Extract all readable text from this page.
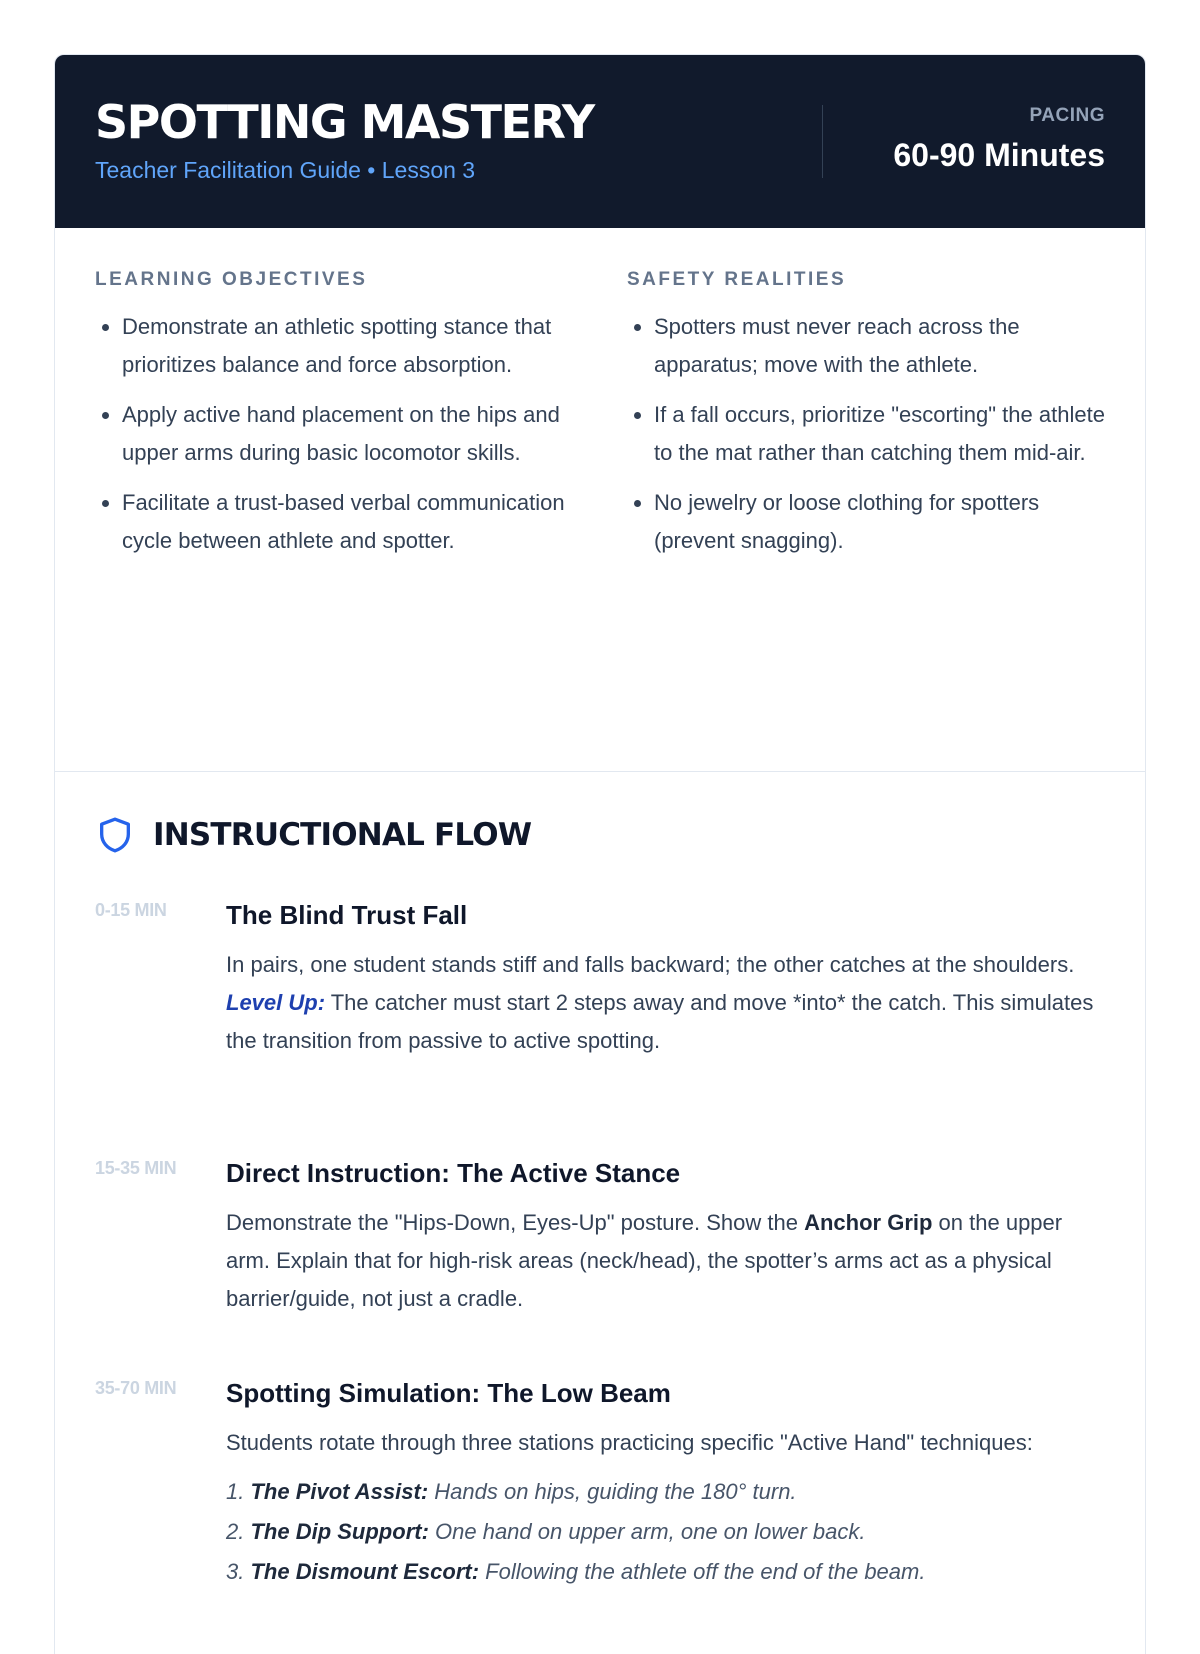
SPOTTING MASTERY
Teacher Facilitation Guide • Lesson 3
PACING
60-90 Minutes
LEARNING OBJECTIVES
• Demonstrate an athletic spotting stance that prioritizes balance and force absorption.
• Apply active hand placement on the hips and upper arms during basic locomotor skills.
• Facilitate a trust-based verbal communication cycle between athlete and spotter.
SAFETY REALITIES
• Spotters must never reach across the apparatus; move with the athlete.
• If a fall occurs, prioritize "escorting" the athlete to the mat rather than catching them mid-air.
• No jewelry or loose clothing for spotters (prevent snagging).
INSTRUCTIONAL FLOW
0-15 MIN	The Blind Trust Fall

In pairs, one student stands stiff and falls backward; the other catches at the shoulders.

Level Up: The catcher must start 2 steps away and move *into* the catch. This simulates the transition from passive to active spotting.

15-35 MIN	Direct Instruction: The Active Stance

Demonstrate the "Hips-Down, Eyes-Up" posture. Show the Anchor Grip on the upper arm. Explain that for high-risk areas (neck/head), the spotter’s arms act as a physical barrier/guide, not just a cradle.

35-70 MIN	Spotting Simulation: The Low Beam

Students rotate through three stations practicing specific "Active Hand" techniques:

1. The Pivot Assist: Hands on hips, guiding the 180° turn.
2. The Dip Support: One hand on upper arm, one on lower back.
3. The Dismount Escort: Following the athlete off the end of the beam.
